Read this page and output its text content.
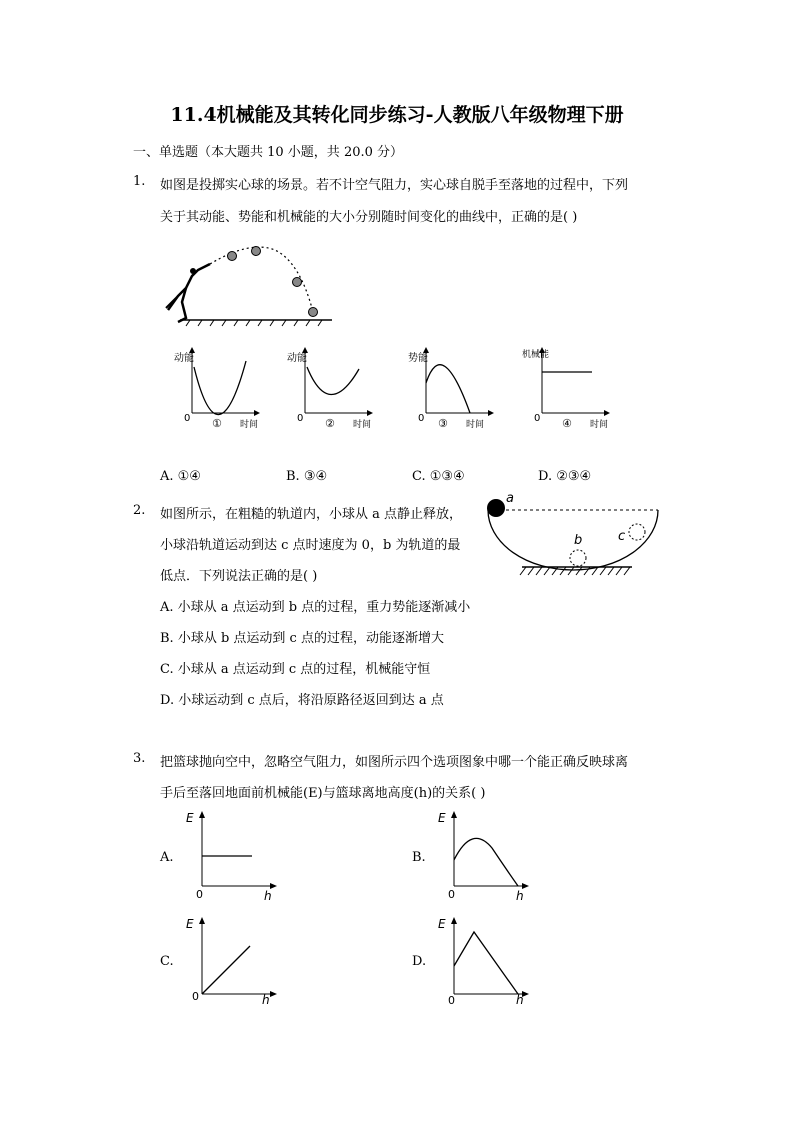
11.4机械能及其转化同步练习-人教版八年级物理下册
一、单选题（本大题共 10 小题，共 20.0 分）
1. 如图是投掷实心球的场景。若不计空气阻力，实心球自脱手至落地的过程中，下列
关于其动能、势能和机械能的大小分别随时间变化的曲线中，正确的是( )
动能
0 ① 时间
动能
0 ② 时间
势能
0 ③ 时间
机械能
0 ④ 时间
A. ①④	B. ③④	C. ①③④	D. ②③④
2. 如图所示，在粗糙的轨道内，小球从 a 点静止释放，
小球沿轨道运动到达 c 点时速度为 0，b 为轨道的最
低点．下列说法正确的是( )
a
b	c
A. 小球从 a 点运动到 b 点的过程，重力势能逐渐减小
B. 小球从 b 点运动到 c 点的过程，动能逐渐增大
C. 小球从 a 点运动到 c 点的过程，机械能守恒
D. 小球运动到 c 点后，将沿原路径返回到达 a 点
3. 把篮球抛向空中，忽略空气阻力，如图所示四个选项图象中哪一个能正确反映球离
手后至落回地面前机械能(E)与篮球离地高度(h)的关系( )
A.	B.
C.	D.
E
0	h
E
0	h
E
0	h
E
0	h
